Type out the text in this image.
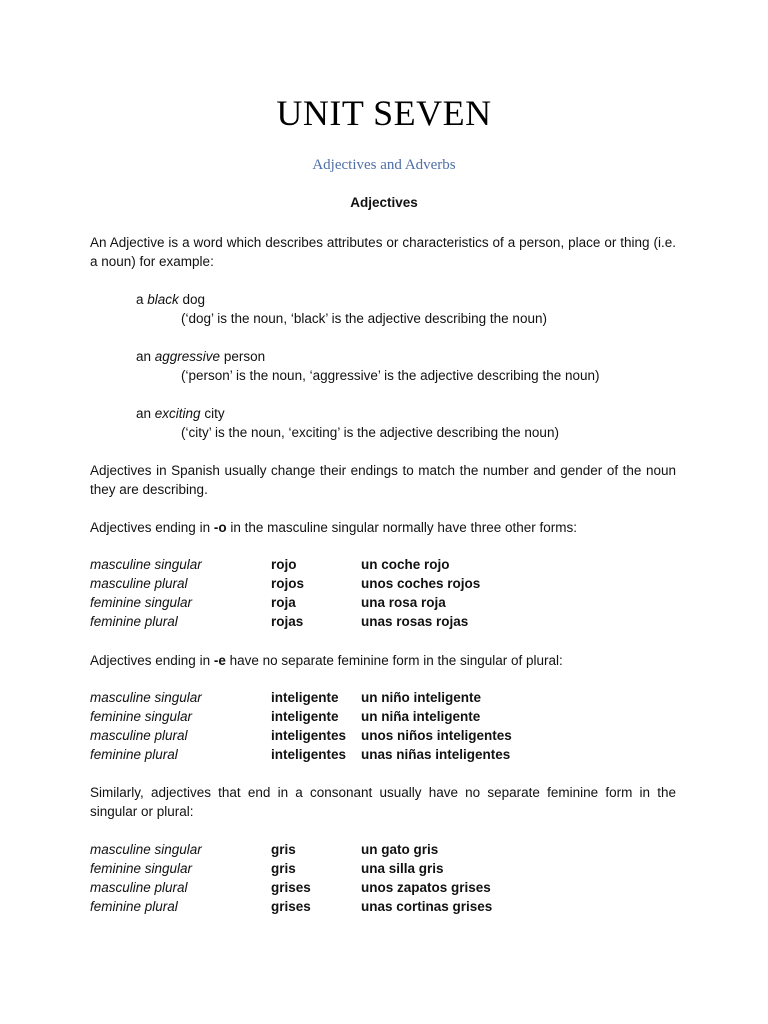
UNIT SEVEN
Adjectives and Adverbs
Adjectives

An Adjective is a word which describes attributes or characteristics of a person, place or thing (i.e. a noun) for example:

a black dog
(‘dog’ is the noun, ‘black’ is the adjective describing the noun)
an aggressive person
(‘person’ is the noun, ‘aggressive’ is the adjective describing the noun)
an exciting city
(‘city’ is the noun, ‘exciting’ is the adjective describing the noun)

Adjectives in Spanish usually change their endings to match the number and gender of the noun they are describing.

Adjectives ending in -o in the masculine singular normally have three other forms:

masculine singular	rojo	un coche rojo
masculine plural	rojos	unos coches rojos
feminine singular	roja	una rosa roja
feminine plural	rojas	unas rosas rojas

Adjectives ending in -e have no separate feminine form in the singular of plural:

masculine singular	inteligente un niño inteligente
feminine singular	inteligente un niña inteligente
masculine plural	inteligentes unos niños inteligentes
feminine plural	inteligentes unas niñas inteligentes

Similarly, adjectives that end in a consonant usually have no separate feminine form in the singular or plural:

masculine singular	gris	un gato gris
feminine singular	gris	una silla gris
masculine plural	grises	unos zapatos grises
feminine plural	grises	unas cortinas grises
